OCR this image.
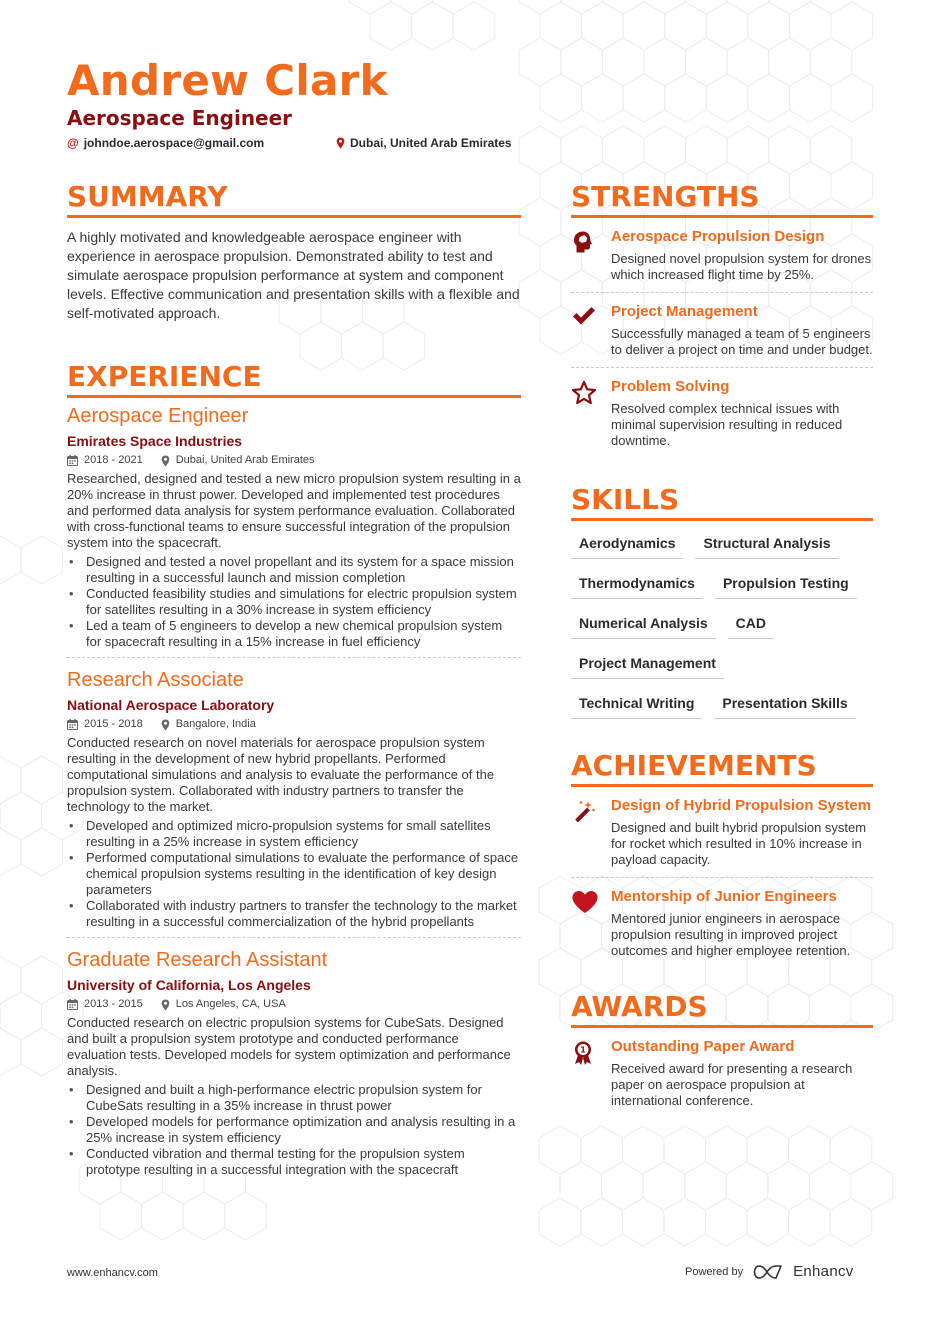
Andrew Clark
Aerospace Engineer
@ johndoe.aerospace@gmail.com	Dubai, United Arab Emirates
SUMMARY

A highly motivated and knowledgeable aerospace engineer with experience in aerospace propulsion. Demonstrated ability to test and simulate aerospace propulsion performance at system and component levels. Effective communication and presentation skills with a flexible and self-motivated approach.

EXPERIENCE
Aerospace Engineer
Emirates Space Industries
2018 - 2021	Dubai, United Arab Emirates
Researched, designed and tested a new micro propulsion system resulting in a 20% increase in thrust power. Developed and implemented test procedures and performed data analysis for system performance evaluation. Collaborated with cross-functional teams to ensure successful integration of the propulsion system into the spacecraft.
• Designed and tested a novel propellant and its system for a space mission resulting in a successful launch and mission completion
• Conducted feasibility studies and simulations for electric propulsion system for satellites resulting in a 30% increase in system efficiency
• Led a team of 5 engineers to develop a new chemical propulsion system for spacecraft resulting in a 15% increase in fuel efficiency
Research Associate
National Aerospace Laboratory
2015 - 2018	Bangalore, India
Conducted research on novel materials for aerospace propulsion system resulting in the development of new hybrid propellants. Performed computational simulations and analysis to evaluate the performance of the propulsion system. Collaborated with industry partners to transfer the technology to the market.
• Developed and optimized micro-propulsion systems for small satellites resulting in a 25% increase in system efficiency
• Performed computational simulations to evaluate the performance of space chemical propulsion systems resulting in the identification of key design parameters
• Collaborated with industry partners to transfer the technology to the market resulting in a successful commercialization of the hybrid propellants
Graduate Research Assistant
University of California, Los Angeles
2013 - 2015	Los Angeles, CA, USA
Conducted research on electric propulsion systems for CubeSats. Designed and built a propulsion system prototype and conducted performance evaluation tests. Developed models for system optimization and performance analysis.
• Designed and built a high-performance electric propulsion system for CubeSats resulting in a 35% increase in thrust power
• Developed models for performance optimization and analysis resulting in a 25% increase in system efficiency
• Conducted vibration and thermal testing for the propulsion system prototype resulting in a successful integration with the spacecraft
STRENGTHS
Aerospace Propulsion Design
Designed novel propulsion system for drones which increased flight time by 25%.
Project Management
Successfully managed a team of 5 engineers to deliver a project on time and under budget.
Problem Solving
Resolved complex technical issues with minimal supervision resulting in reduced downtime.
SKILLS
Aerodynamics	Structural Analysis
Thermodynamics	Propulsion Testing
Numerical Analysis	CAD
Project Management
Technical Writing	Presentation Skills
ACHIEVEMENTS
Design of Hybrid Propulsion System
Designed and built hybrid propulsion system for rocket which resulted in 10% increase in payload capacity.
Mentorship of Junior Engineers
Mentored junior engineers in aerospace propulsion resulting in improved project outcomes and higher employee retention.
AWARDS
1 Outstanding Paper Award
Received award for presenting a research paper on aerospace propulsion at international conference.
www.enhancv.com	Powered by	Enhancv
